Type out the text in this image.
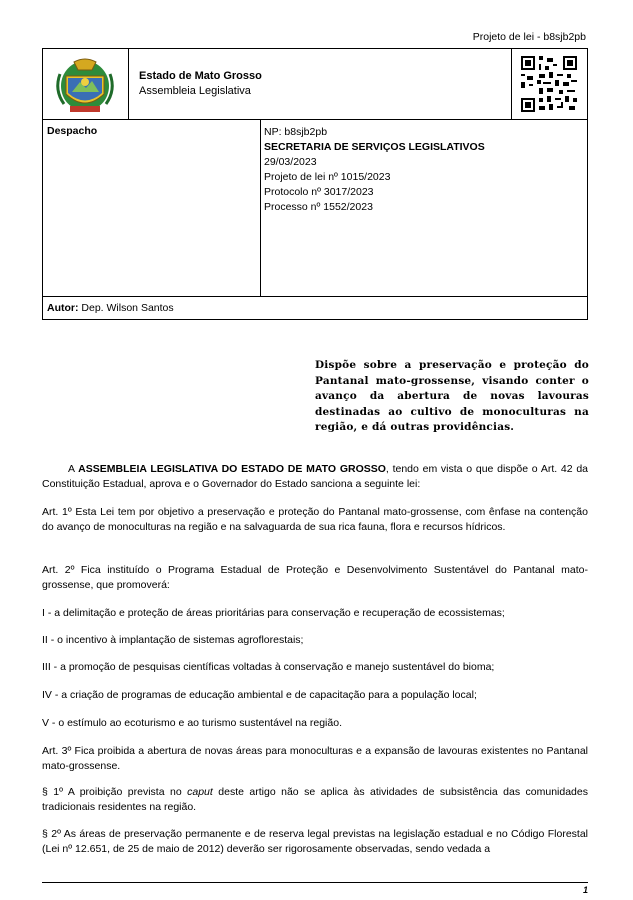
Projeto de lei - b8sjb2pb
Estado de Mato Grosso
Assembleia Legislativa
Despacho	NP: b8sjb2pb
SECRETARIA DE SERVIÇOS LEGISLATIVOS
29/03/2023
Projeto de lei nº 1015/2023
Protocolo nº 3017/2023
Processo nº 1552/2023
Autor: Dep. Wilson Santos
Dispõe sobre a preservação e proteção do Pantanal mato-grossense, visando conter o avanço da abertura de novas lavouras destinadas ao cultivo de monoculturas na região, e dá outras providências.
A ASSEMBLEIA LEGISLATIVA DO ESTADO DE MATO GROSSO, tendo em vista o que dispõe o Art. 42 da Constituição Estadual, aprova e o Governador do Estado sanciona a seguinte lei:
Art. 1º Esta Lei tem por objetivo a preservação e proteção do Pantanal mato-grossense, com ênfase na contenção do avanço de monoculturas na região e na salvaguarda de sua rica fauna, flora e recursos hídricos.
Art. 2º Fica instituído o Programa Estadual de Proteção e Desenvolvimento Sustentável do Pantanal mato-grossense, que promoverá:
I - a delimitação e proteção de áreas prioritárias para conservação e recuperação de ecossistemas;
II - o incentivo à implantação de sistemas agroflorestais;
III - a promoção de pesquisas científicas voltadas à conservação e manejo sustentável do bioma;
IV - a criação de programas de educação ambiental e de capacitação para a população local;
V - o estímulo ao ecoturismo e ao turismo sustentável na região.
Art. 3º Fica proibida a abertura de novas áreas para monoculturas e a expansão de lavouras existentes no Pantanal mato-grossense.
§ 1º A proibição prevista no caput deste artigo não se aplica às atividades de subsistência das comunidades tradicionais residentes na região.
§ 2º As áreas de preservação permanente e de reserva legal previstas na legislação estadual e no Código Florestal (Lei nº 12.651, de 25 de maio de 2012) deverão ser rigorosamente observadas, sendo vedada a
1
